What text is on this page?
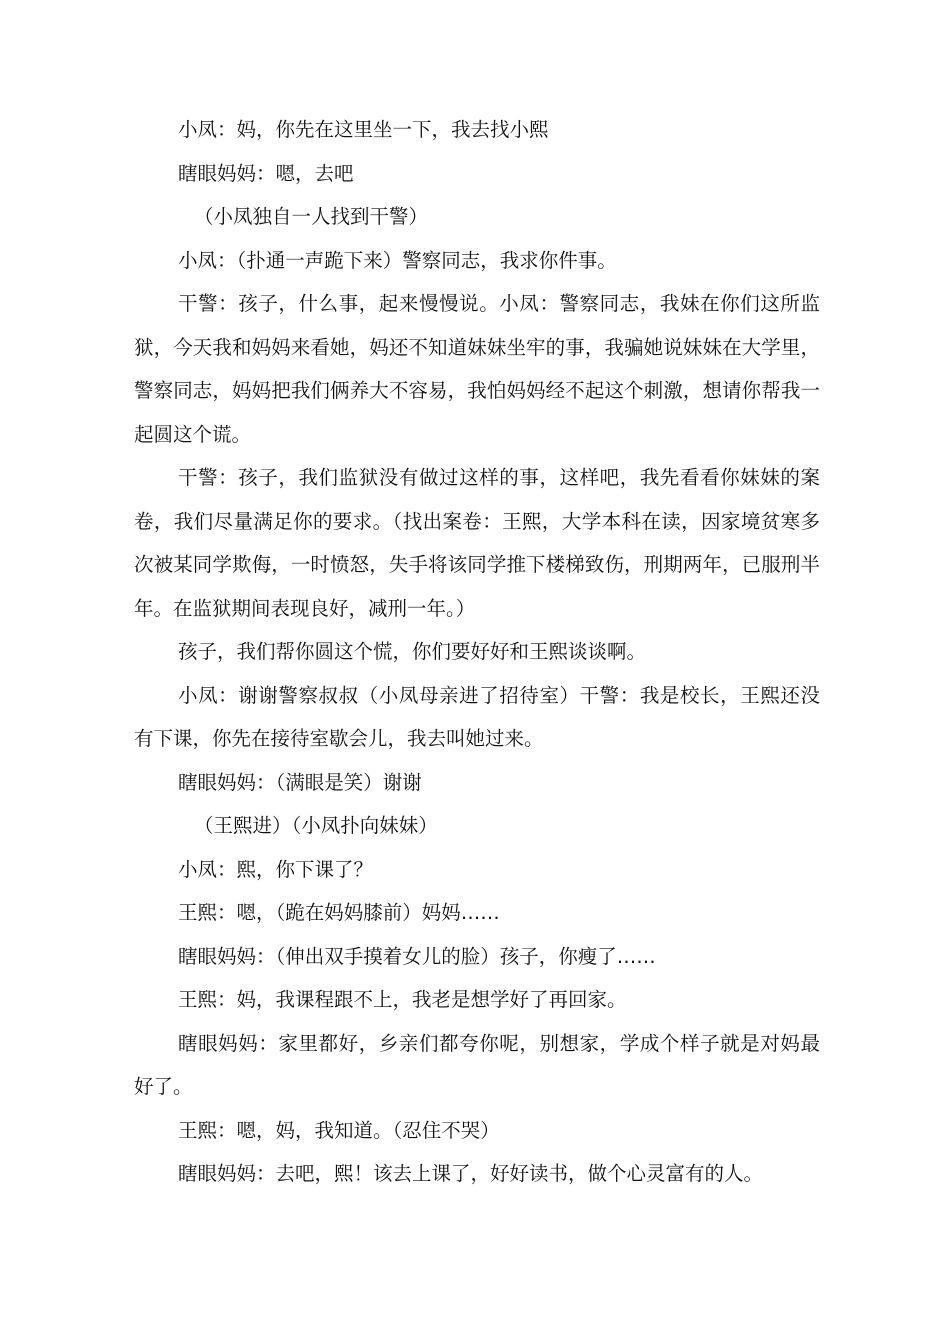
小凤：妈，你先在这里坐一下，我去找小熙

瞎眼妈妈：嗯，去吧

（小凤独自一人找到干警）

小凤：（扑通一声跪下来）警察同志，我求你件事。

干警：孩子，什么事，起来慢慢说。小凤：警察同志，我妹在你们这所监狱，今天我和妈妈来看她，妈还不知道妹妹坐牢的事，我骗她说妹妹在大学里，警察同志，妈妈把我们俩养大不容易，我怕妈妈经不起这个刺激，想请你帮我一起圆这个谎。

干警：孩子，我们监狱没有做过这样的事，这样吧，我先看看你妹妹的案卷，我们尽量满足你的要求。（找出案卷：王熙，大学本科在读，因家境贫寒多次被某同学欺侮，一时愤怒，失手将该同学推下楼梯致伤，刑期两年，已服刑半年。在监狱期间表现良好，减刑一年。）

孩子，我们帮你圆这个慌，你们要好好和王熙谈谈啊。

小凤：谢谢警察叔叔（小凤母亲进了招待室）干警：我是校长，王熙还没有下课，你先在接待室歇会儿，我去叫她过来。

瞎眼妈妈：（满眼是笑）谢谢

（王熙进）（小凤扑向妹妹）

小凤：熙，你下课了？

王熙：嗯，（跪在妈妈膝前）妈妈……

瞎眼妈妈：（伸出双手摸着女儿的脸）孩子，你瘦了……

王熙：妈，我课程跟不上，我老是想学好了再回家。

瞎眼妈妈：家里都好，乡亲们都夸你呢，别想家，学成个样子就是对妈最好了。

王熙：嗯，妈，我知道。（忍住不哭）

瞎眼妈妈：去吧，熙！该去上课了，好好读书，做个心灵富有的人。
